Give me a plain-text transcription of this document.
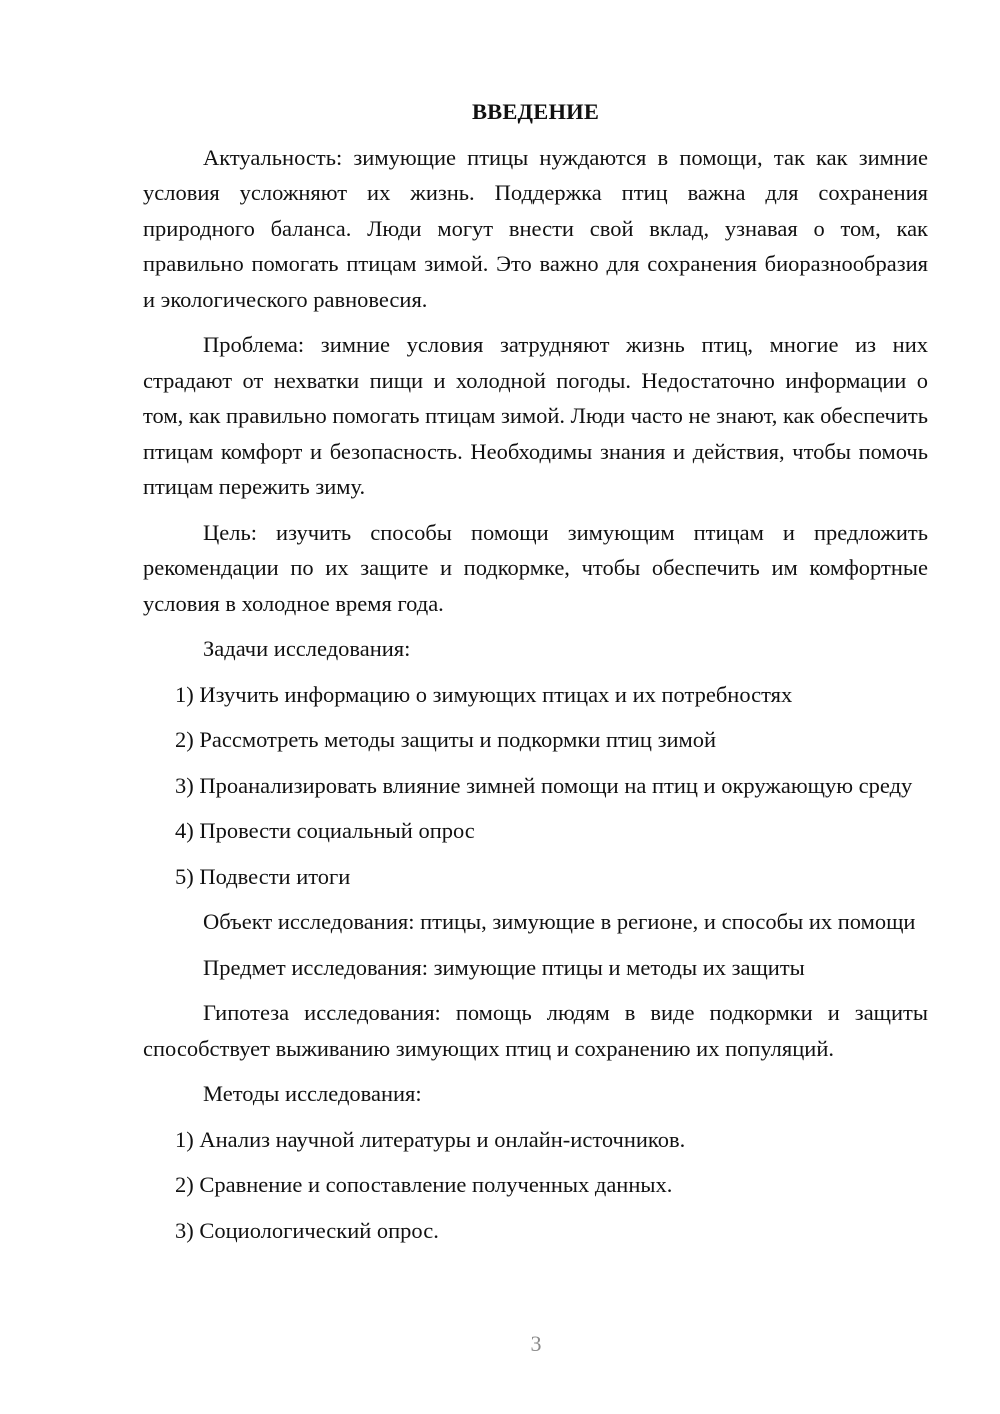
ВВЕДЕНИЕ

Актуальность: зимующие птицы нуждаются в помощи, так как зимние условия усложняют их жизнь. Поддержка птиц важна для сохранения природного баланса. Люди могут внести свой вклад, узнавая о том, как правильно помогать птицам зимой. Это важно для сохранения биоразнообразия и экологического равновесия.

Проблема: зимние условия затрудняют жизнь птиц, многие из них страдают от нехватки пищи и холодной погоды. Недостаточно информации о том, как правильно помогать птицам зимой. Люди часто не знают, как обеспечить птицам комфорт и безопасность. Необходимы знания и действия, чтобы помочь птицам пережить зиму.

Цель: изучить способы помощи зимующим птицам и предложить рекомендации по их защите и подкормке, чтобы обеспечить им комфортные условия в холодное время года.

Задачи исследования:
1) Изучить информацию о зимующих птицах и их потребностях
2) Рассмотреть методы защиты и подкормки птиц зимой
3) Проанализировать влияние зимней помощи на птиц и окружающую среду
4) Провести социальный опрос
5) Подвести итоги

Объект исследования: птицы, зимующие в регионе, и способы их помощи

Предмет исследования: зимующие птицы и методы их защиты

Гипотеза исследования: помощь людям в виде подкормки и защиты способствует выживанию зимующих птиц и сохранению их популяций.

Методы исследования:
1) Анализ научной литературы и онлайн-источников.
2) Сравнение и сопоставление полученных данных.
3) Социологический опрос.
3
